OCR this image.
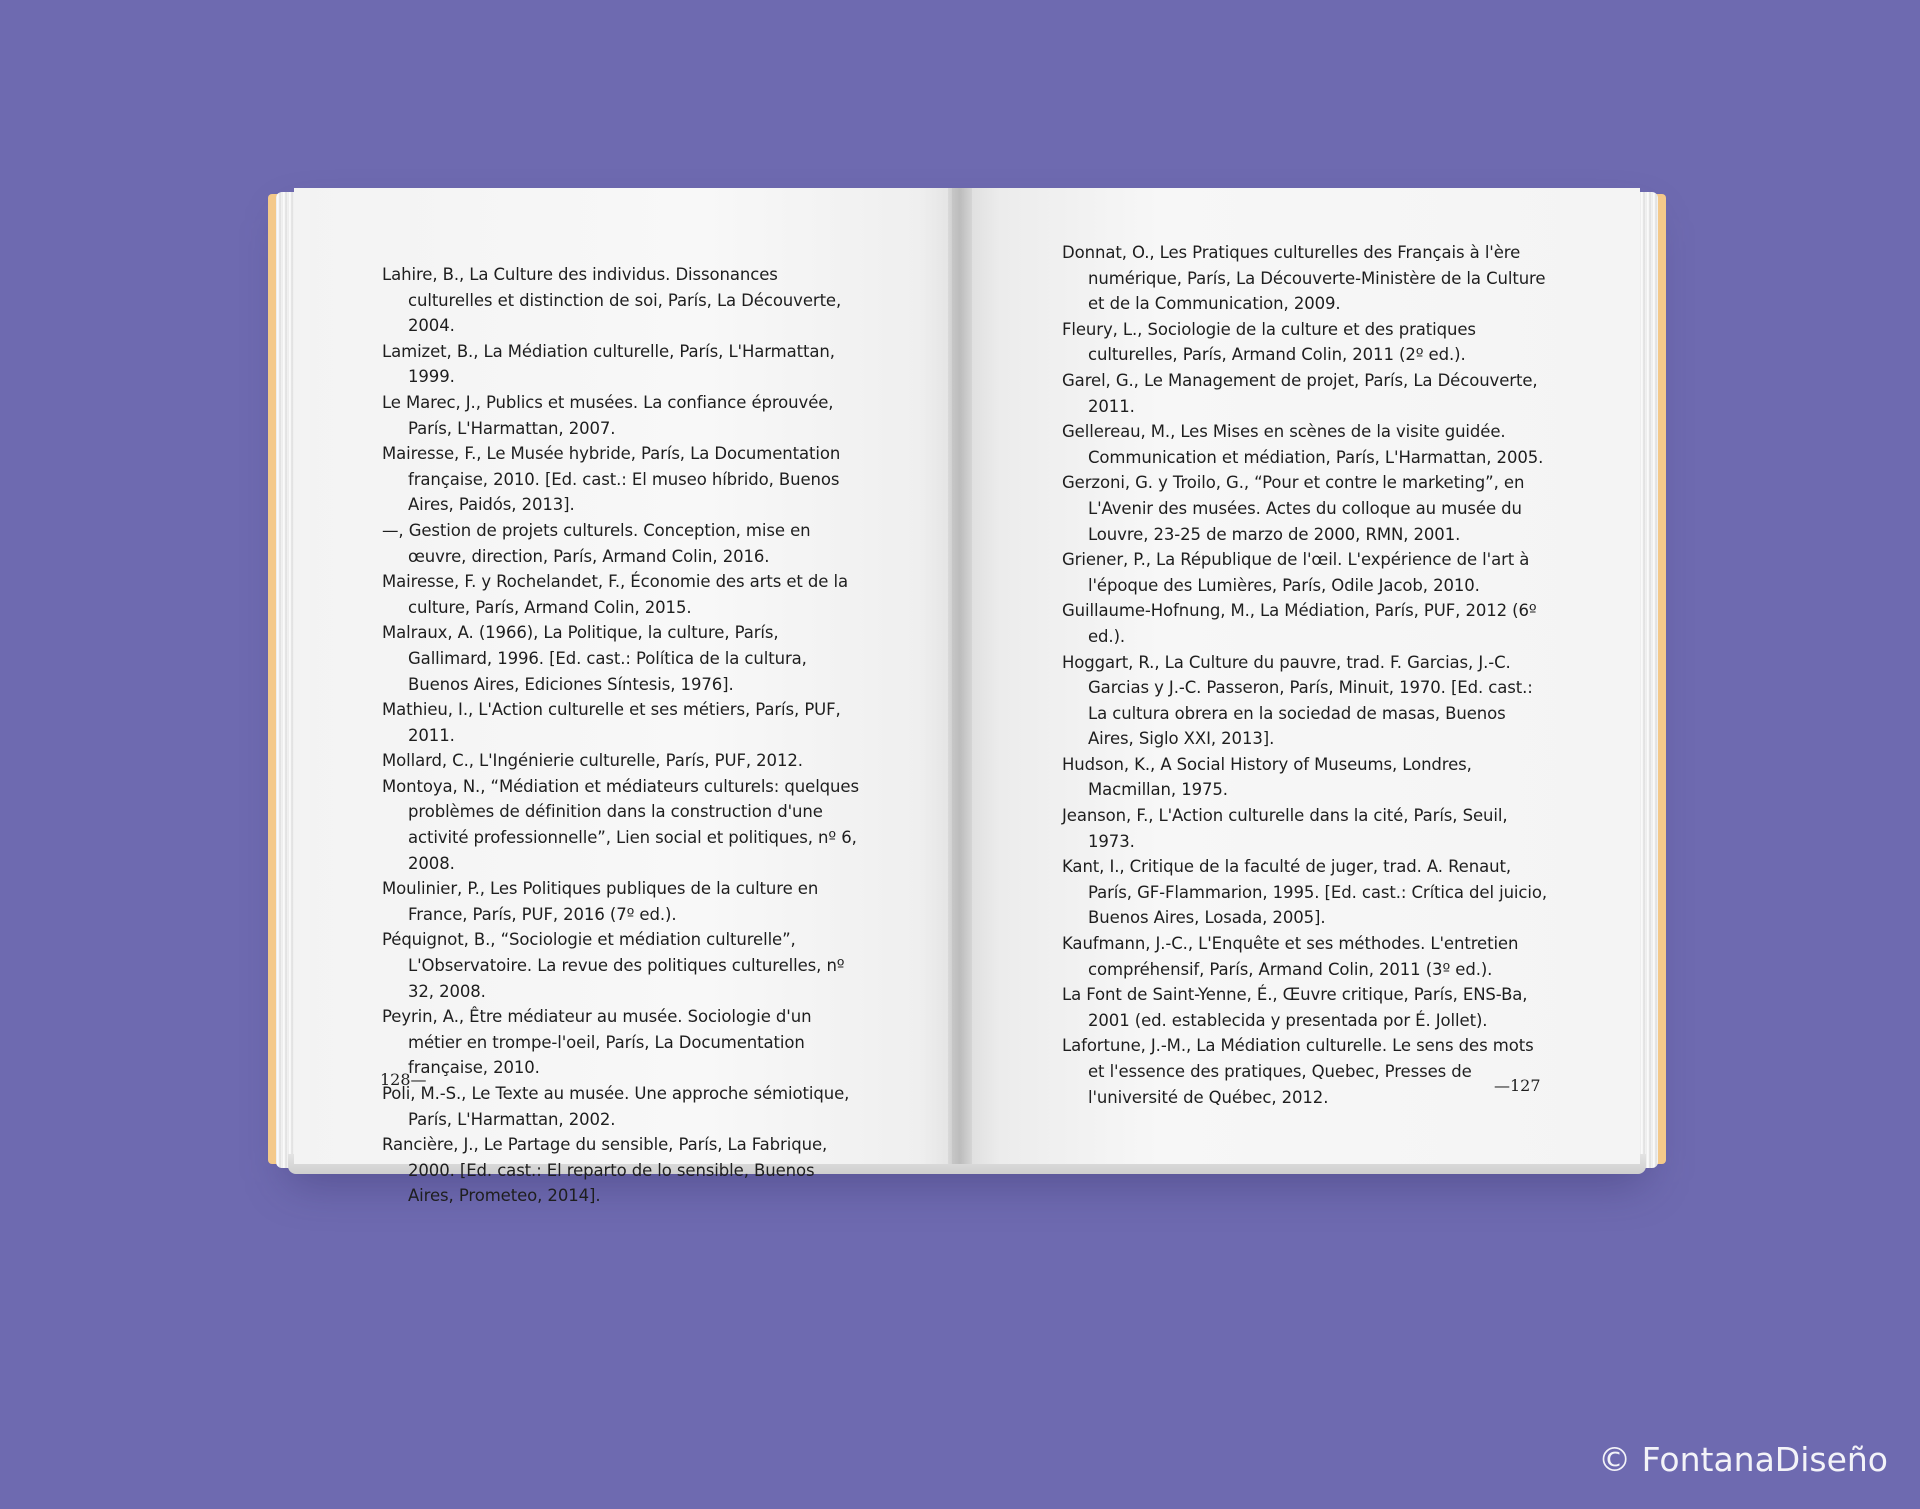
Lahire, B., La Culture des individus. Dissonances culturelles et distinction de soi, París, La Découverte, 2004.
Lamizet, B., La Médiation culturelle, París, L'Harmattan, 1999.
Le Marec, J., Publics et musées. La confiance éprouvée, París, L'Harmattan, 2007.
Mairesse, F., Le Musée hybride, París, La Documentation française, 2010. [Ed. cast.: El museo híbrido, Buenos Aires, Paidós, 2013].
—, Gestion de projets culturels. Conception, mise en œuvre, direction, París, Armand Colin, 2016.
Mairesse, F. y Rochelandet, F., Économie des arts et de la culture, París, Armand Colin, 2015.
Malraux, A. (1966), La Politique, la culture, París, Gallimard, 1996. [Ed. cast.: Política de la cultura, Buenos Aires, Ediciones Síntesis, 1976].
Mathieu, I., L'Action culturelle et ses métiers, París, PUF, 2011.
Mollard, C., L'Ingénierie culturelle, París, PUF, 2012.
Montoya, N., “Médiation et médiateurs culturels: quelques problèmes de définition dans la construction d'une activité professionnelle”, Lien social et politiques, nº 6, 2008.
Moulinier, P., Les Politiques publiques de la culture en France, París, PUF, 2016 (7º ed.).
Péquignot, B., “Sociologie et médiation culturelle”, L'Observatoire. La revue des politiques culturelles, nº 32, 2008.
Peyrin, A., Être médiateur au musée. Sociologie d'un métier en trompe-l'oeil, París, La Documentation française, 2010.
Poli, M.-S., Le Texte au musée. Une approche sémiotique, París, L'Harmattan, 2002.
Rancière, J., Le Partage du sensible, París, La Fabrique, 2000. [Ed. cast.: El reparto de lo sensible, Buenos Aires, Prometeo, 2014].
Donnat, O., Les Pratiques culturelles des Français à l'ère numérique, París, La Découverte-Ministère de la Culture et de la Communication, 2009.
Fleury, L., Sociologie de la culture et des pratiques culturelles, París, Armand Colin, 2011 (2º ed.).
Garel, G., Le Management de projet, París, La Découverte, 2011.
Gellereau, M., Les Mises en scènes de la visite guidée. Communication et médiation, París, L'Harmattan, 2005.
Gerzoni, G. y Troilo, G., “Pour et contre le marketing”, en L'Avenir des musées. Actes du colloque au musée du Louvre, 23-25 de marzo de 2000, RMN, 2001.
Griener, P., La République de l'œil. L'expérience de l'art à l'époque des Lumières, París, Odile Jacob, 2010.
Guillaume-Hofnung, M., La Médiation, París, PUF, 2012 (6º ed.).
Hoggart, R., La Culture du pauvre, trad. F. Garcias, J.-C. Garcias y J.-C. Passeron, París, Minuit, 1970. [Ed. cast.: La cultura obrera en la sociedad de masas, Buenos Aires, Siglo XXI, 2013].
Hudson, K., A Social History of Museums, Londres, Macmillan, 1975.
Jeanson, F., L'Action culturelle dans la cité, París, Seuil, 1973.
Kant, I., Critique de la faculté de juger, trad. A. Renaut, París, GF-Flammarion, 1995. [Ed. cast.: Crítica del juicio, Buenos Aires, Losada, 2005].
Kaufmann, J.-C., L'Enquête et ses méthodes. L'entretien compréhensif, París, Armand Colin, 2011 (3º ed.).
La Font de Saint-Yenne, É., Œuvre critique, París, ENS-Ba, 2001 (ed. establecida y presentada por É. Jollet).
Lafortune, J.-M., La Médiation culturelle. Le sens des mots et l'essence des pratiques, Quebec, Presses de l'université de Québec, 2012.
128—	—127
© FontanaDiseño
